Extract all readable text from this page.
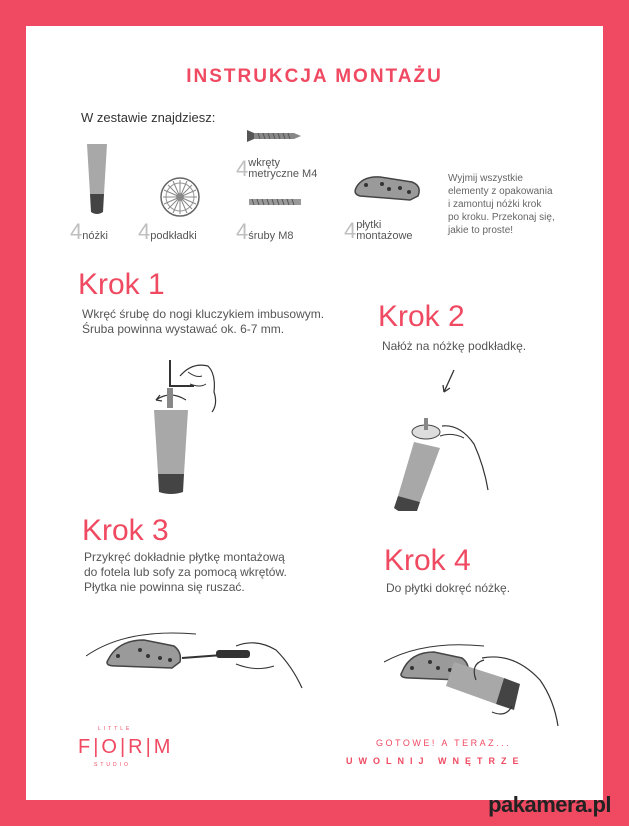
INSTRUKCJA MONTAŻU
W zestawie znajdziesz:
4nóżki 4podkładki
4 wkręty
metryczne M4
4śruby M8 4 płytki
montażowe
Wyjmij wszystkie
elementy z opakowania
i zamontuj nóżki krok
po kroku. Przekonaj się,
jakie to proste!
Krok 1
Wkręć śrubę do nogi kluczykiem imbusowym.
Śruba powinna wystawać ok. 6-7 mm.	Krok 2
Nałóż na nóżkę podkładkę.
Krok 3
Przykręć dokładnie płytkę montażową
do fotela lub sofy za pomocą wkrętów.
Płytka nie powinna się ruszać.
Krok 4
Do płytki dokręć nóżkę.
LITTLE
F|O|R|M
STUDIO
GOTOWE! A TERAZ...
UWOLNIJ WNĘTRZE
pakamera.pl
